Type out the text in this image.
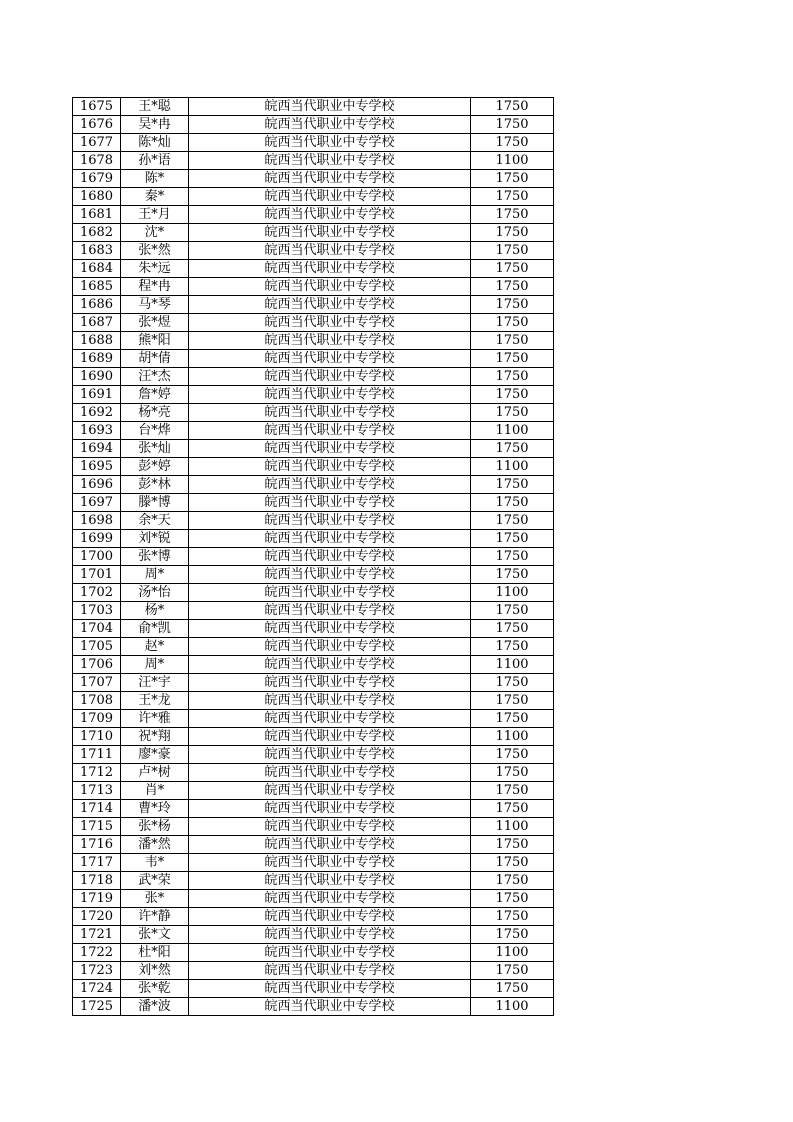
1675	王*聪	皖西当代职业中专学校	1750
1676	吴*冉	皖西当代职业中专学校	1750
1677	陈*灿	皖西当代职业中专学校	1750
1678	孙*语	皖西当代职业中专学校	1100
1679	陈*	皖西当代职业中专学校	1750
1680	秦*	皖西当代职业中专学校	1750
1681	王*月	皖西当代职业中专学校	1750
1682	沈*	皖西当代职业中专学校	1750
1683	张*然	皖西当代职业中专学校	1750
1684	朱*远	皖西当代职业中专学校	1750
1685	程*冉	皖西当代职业中专学校	1750
1686	马*琴	皖西当代职业中专学校	1750
1687	张*煜	皖西当代职业中专学校	1750
1688	熊*阳	皖西当代职业中专学校	1750
1689	胡*倩	皖西当代职业中专学校	1750
1690	汪*杰	皖西当代职业中专学校	1750
1691	詹*婷	皖西当代职业中专学校	1750
1692	杨*亮	皖西当代职业中专学校	1750
1693	台*烨	皖西当代职业中专学校	1100
1694	张*灿	皖西当代职业中专学校	1750
1695	彭*婷	皖西当代职业中专学校	1100
1696	彭*林	皖西当代职业中专学校	1750
1697	滕*博	皖西当代职业中专学校	1750
1698	余*天	皖西当代职业中专学校	1750
1699	刘*锐	皖西当代职业中专学校	1750
1700	张*博	皖西当代职业中专学校	1750
1701	周*	皖西当代职业中专学校	1750
1702	汤*怡	皖西当代职业中专学校	1100
1703	杨*	皖西当代职业中专学校	1750
1704	俞*凯	皖西当代职业中专学校	1750
1705	赵*	皖西当代职业中专学校	1750
1706	周*	皖西当代职业中专学校	1100
1707	汪*宇	皖西当代职业中专学校	1750
1708	王*龙	皖西当代职业中专学校	1750
1709	许*雅	皖西当代职业中专学校	1750
1710	祝*翔	皖西当代职业中专学校	1100
1711	廖*豪	皖西当代职业中专学校	1750
1712	卢*树	皖西当代职业中专学校	1750
1713	肖*	皖西当代职业中专学校	1750
1714	曹*玲	皖西当代职业中专学校	1750
1715	张*杨	皖西当代职业中专学校	1100
1716	潘*然	皖西当代职业中专学校	1750
1717	韦*	皖西当代职业中专学校	1750
1718	武*荣	皖西当代职业中专学校	1750
1719	张*	皖西当代职业中专学校	1750
1720	许*静	皖西当代职业中专学校	1750
1721	张*文	皖西当代职业中专学校	1750
1722	杜*阳	皖西当代职业中专学校	1100
1723	刘*然	皖西当代职业中专学校	1750
1724	张*乾	皖西当代职业中专学校	1750
1725	潘*波	皖西当代职业中专学校	1100
